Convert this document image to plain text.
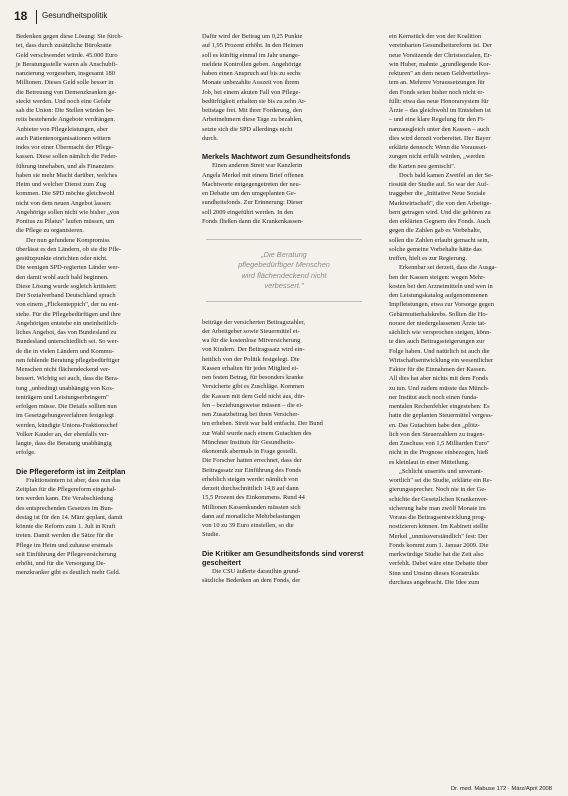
18 Gesundheitspolitik

Bedenken gegen diese Lösung: Sie fürch-

tet, dass durch zusätzliche Bürokratie

Geld verschwendet würde. 45.000 Euro

je Beratungsstelle waren als Anschubfi-

nanzierung vorgesehen, insgesamt 180

Millionen. Dieses Geld solle besser in

die Betreuung von Demenzkranken ge-

steckt werden. Und noch eine Gefahr

sah die Union: Die Stellen würden be-

reits bestehende Angebote verdrängen.

Anbieter von Pflegeleistungen, aber

auch Patientenorganisationen wittern

indes vor einer Übermacht der Pflege-

kassen. Diese sollen nämlich die Feder-

führung innehaben, und als Finanziers

haben sie mehr Macht darüber, welches

Heim und welcher Dienst zum Zug

kommen. Die SPD möchte gleichwohl

nicht von dem neuen Angebot lassen:

Angehörige sollen nicht wie bisher „von

Pontius zu Pilatus" laufen müssen, um

die Pflege zu organisieren.

Der nun gefundene Kompromiss

überlässt es den Ländern, ob sie die Pfle-

gestützpunkte einrichten oder nicht.

Die wenigen SPD-regierten Länder wer-

den damit wohl auch bald beginnen.

Diese Lösung wurde sogleich kritisiert:

Der Sozialverband Deutschland sprach

von einem „Flickenteppich", der nu ent-

stehe. Für die Pflegebedürftigen und ihre

Angehörigen entstehe ein uneinheitlich-

liches Angebot, das von Bundesland zu

Bundesland unterschiedlich sei. So wer-

de die in vielen Ländern und Kommu-

nen fehlende Beratung pflegebedürftiger

Menschen nicht flächendeckend ver-

bessert. Wichtig sei auch, dass die Bera-

tung „unbedingt unabhängig von Kos-

tenträgern und Leistungserbringern"

erfolgen müsse. Die Details sollten nun

im Gesetzgebungsverfahren festgelegt

werden, kündigte Unions-Fraktionschef

Volker Kauder an, der ebenfalls ver-

langte, dass die Beratung unabhängig

erfolge.

Die Pflegereform ist im Zeitplan

Fraktionsintern ist aber, dass nun das

Zeitplan für die Pflegereform eingehal-

ten werden kann. Die Verabschiedung

des entsprechenden Gesetzes im Bun-

destag ist für den 14. März geplant, damit

könnte die Reform zum 1. Juli in Kraft

treten. Damit werden die Sätze für die

Pflege im Heim und zuhause erstmals

seit Einführung der Pflegeversicherung

erhöht, und für die Versorgung De-

menzkranker gibt es deutlich mehr Geld.

Dafür wird der Beitrag um 0,25 Punkte

auf 1,95 Prozent erhöht. In den Heimen

soll es künftig einmal im Jahr unange-

meldete Kontrollen geben. Angehörige

haben einen Anspruch auf bis zu sechs

Monate unbezahlte Auszeit von ihrem

Job, bei einem akuten Fall von Pflege-

bedürftigkeit erhalten sie bis zu zehn Ar-

beitstage frei. Mit ihrer Forderung, den

Arbeitnehmern diese Tage zu bezahlen,

setzte sich die SPD allerdings nicht

durch.

Merkels Machtwort zum Gesundheitsfonds

Einen anderen Streit war Kanzlerin

Angela Merkel mit einem Brief offenen

Machtworte entgegengetreten der neu-

en Debatte um den umgeplanten Ge-

sundheitsfonds. Zur Erinnerung: Dieser

soll 2009 eingeführt werden. In den

Fonds fließen dann die Krankenkassen-

„Die Beratung
pflegebedürftiger Menschen
wird flächendeckend nicht
verbessert."

beiträge der versicherten Beitragszahler,

der Arbeitgeber sowie Steuermittel et-

wa für die kostenlose Mitversicherung

von Kindern. Der Beitragssatz wird ein-

heitlich von der Politik festgelegt. Die

Kassen erhalten für jedes Mitglied ei-

nen festen Betrag, für besonders kranke

Versicherte gibt es Zuschläge. Kommen

die Kassen mit dem Geld nicht aus, dür-

fen – beziehungsweise müssen – die ei-

nen Zusatzbeitrag bei ihren Versicher-

ten erheben. Streit war bald entfacht. Der Bund

zur Wahl wurde nach einem Gutachten des

Münchner Instituts für Gesundheits-

ökonomik abermals in Frage gestellt.

Die Forscher hatten errechnet, dass der

Beitragssatz zur Einführung des Fonds

erheblich steigen werde: nämlich von

derzeit durchschnittlich 14,8 auf dann

15,5 Prozent des Einkommens. Rund 44

Millionen Kassenkunden müssten sich

dann auf monatliche Mehrbelastungen

von 10 zu 39 Euro einstellen, so die

Studie.

Die Kritiker am Gesundheitsfonds sind vorerst gescheitert

Die CSU äußerte daraufhin grund-

sätzliche Bedenken an dem Fonds, der

ein Kernstück der von der Koalition

vereinbarten Gesundheitsreform ist. Der

neue Vorsitzende der Christsozialen, Er-

win Huber, mahnte „grundlegende Kor-

rekturen" an dem neuen Geldverteilsys-

tem an. Mehrere Voraussetzungen für

den Fonds seien bisher noch nicht er-

füllt: etwa das neue Honorarsystem für

Ärzte – das gleichwohl im Entstehen ist

– und eine klare Regelung für den Fi-

nanzausgleich unter den Kassen – auch

dies wird derzeit vorbereitet. Der Bayer

erklärte dennoch: Wenn die Vorausset-

zungen nicht erfüllt würden, „werden

die Karten neu gemischt".

Doch bald kamen Zweifel an der Se-

riosität der Studie auf. So war der Auf-

traggeber die „Initiative Neue Soziale

Marktwirtschaft", die von den Arbeitge-

bern getragen wird. Und die gehören zu

den erklärten Gegnern des Fonds. Auch

gegen die Zahlen gab es Vorbehalte,

sollen die Zahlen erlaubt gemacht sein,

solche gemeine Vorbehalte hätte das

treffen, hielt es zur Regierung.

Erkennbar sei derzeit, dass die Ausga-

ben der Kassen steigen: wegen Mehr-

kosten bei den Arzneimitteln und wen in

den Leistungskatalog aufgenommenen

Impfleistungen, etwa zur Vorsorge gegen

Gebärmutterhalskrebs. Sollten die Ho-

norare der niedergelassenen Ärzte tat-

sächlich wie versprochen steigen, könn-

te dies auch Beitragssteigerungen zur

Folge haben. Und natürlich ist auch die

Wirtschaftsentwicklung ein wesentlicher

Faktor für die Einnahmen der Kassen.

All dies hat aber nichts mit dem Fonds

zu tun. Und zudem müsste das Münch-

ner Institut auch noch einen funda-

mentalen Rechenfehler eingestehen: Es

hatte die geplanten Steuermittel vergess-

en. Das Gutachten habe den „plötz-

lich von den Steuerzahlern zu tragen-

den Zuschuss von 1,5 Milliarden Euro"

nicht in die Prognose einbezogen, hieß

es kleinlaut in einer Mitteilung.

„Schlicht unseriös und unverant-

wortlich" sei die Studie, erklärte ein Re-

gierungssprecher. Noch nie in der Ge-

schichte der Gesetzlichen Krankenver-

sicherung habe man zwölf Monate im

Voraus die Beitragsentwicklung prog-

nostizieren können. Im Kabinett stellte

Merkel „unmissverständlich" fest: Der

Fonds kommt zum 1. Januar 2009. Die

merkwürdige Studie hat die Zeit also

verfehlt. Dabei wäre eine Debatte über

Sinn und Unsinn dieses Konstrukts

durchaus angebracht. Die Idee zum

Dr. med. Mabuse 172 · März/April 2008
